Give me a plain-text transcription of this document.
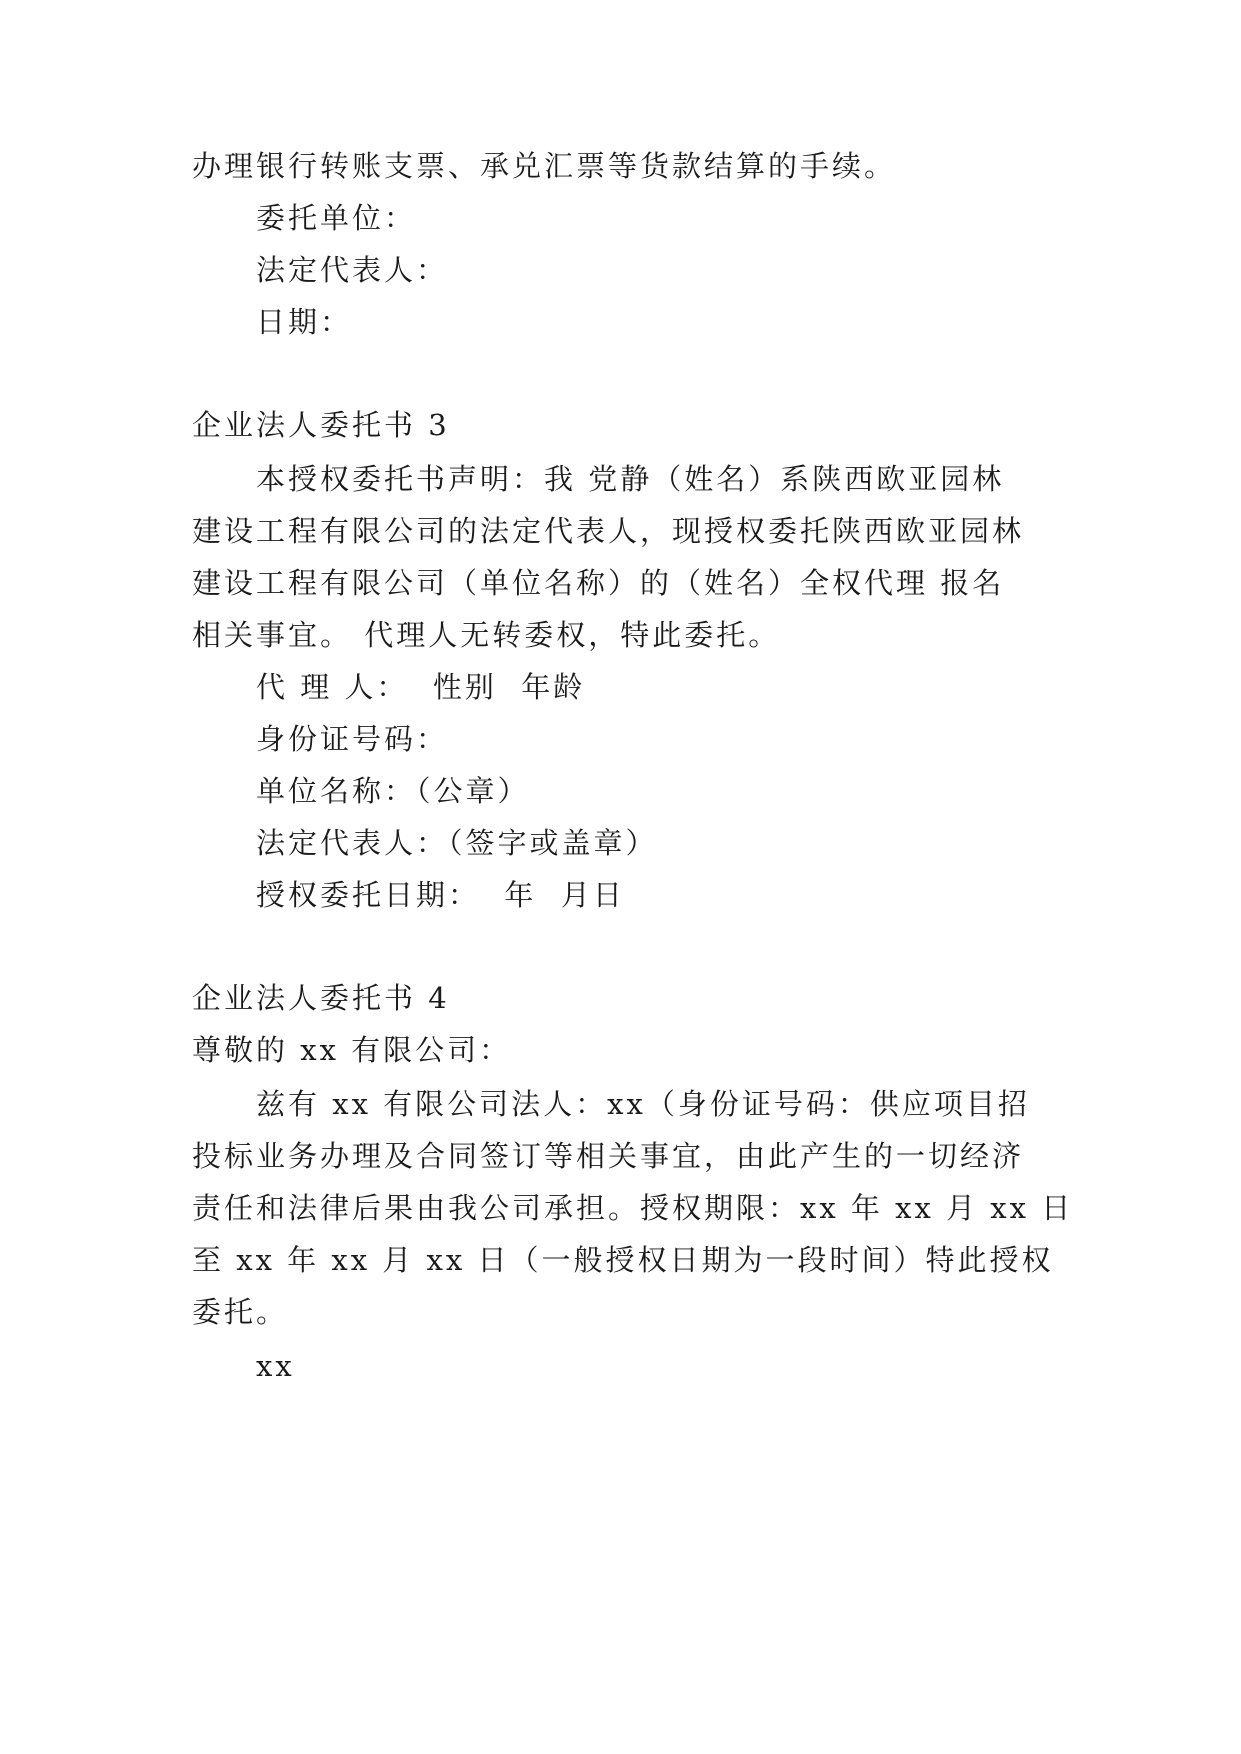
办理银行转账支票、承兑汇票等货款结算的手续。
委托单位：
法定代表人：
日期：
企业法人委托书 3
本授权委托书声明：我 党静（姓名）系陕西欧亚园林
建设工程有限公司的法定代表人，现授权委托陕西欧亚园林
建设工程有限公司（单位名称）的（姓名）全权代理 报名
相关事宜。 代理人无转委权，特此委托。
代 理 人：  性别  年龄
身份证号码：
单位名称：（公章）
法定代表人：（签字或盖章）
授权委托日期：  年  月日
企业法人委托书 4
尊敬的 xx 有限公司：
兹有 xx 有限公司法人：xx（身份证号码：供应项目招
投标业务办理及合同签订等相关事宜，由此产生的一切经济
责任和法律后果由我公司承担。授权期限：xx 年 xx 月 xx 日
至 xx 年 xx 月 xx 日（一般授权日期为一段时间）特此授权
委托。
xx
